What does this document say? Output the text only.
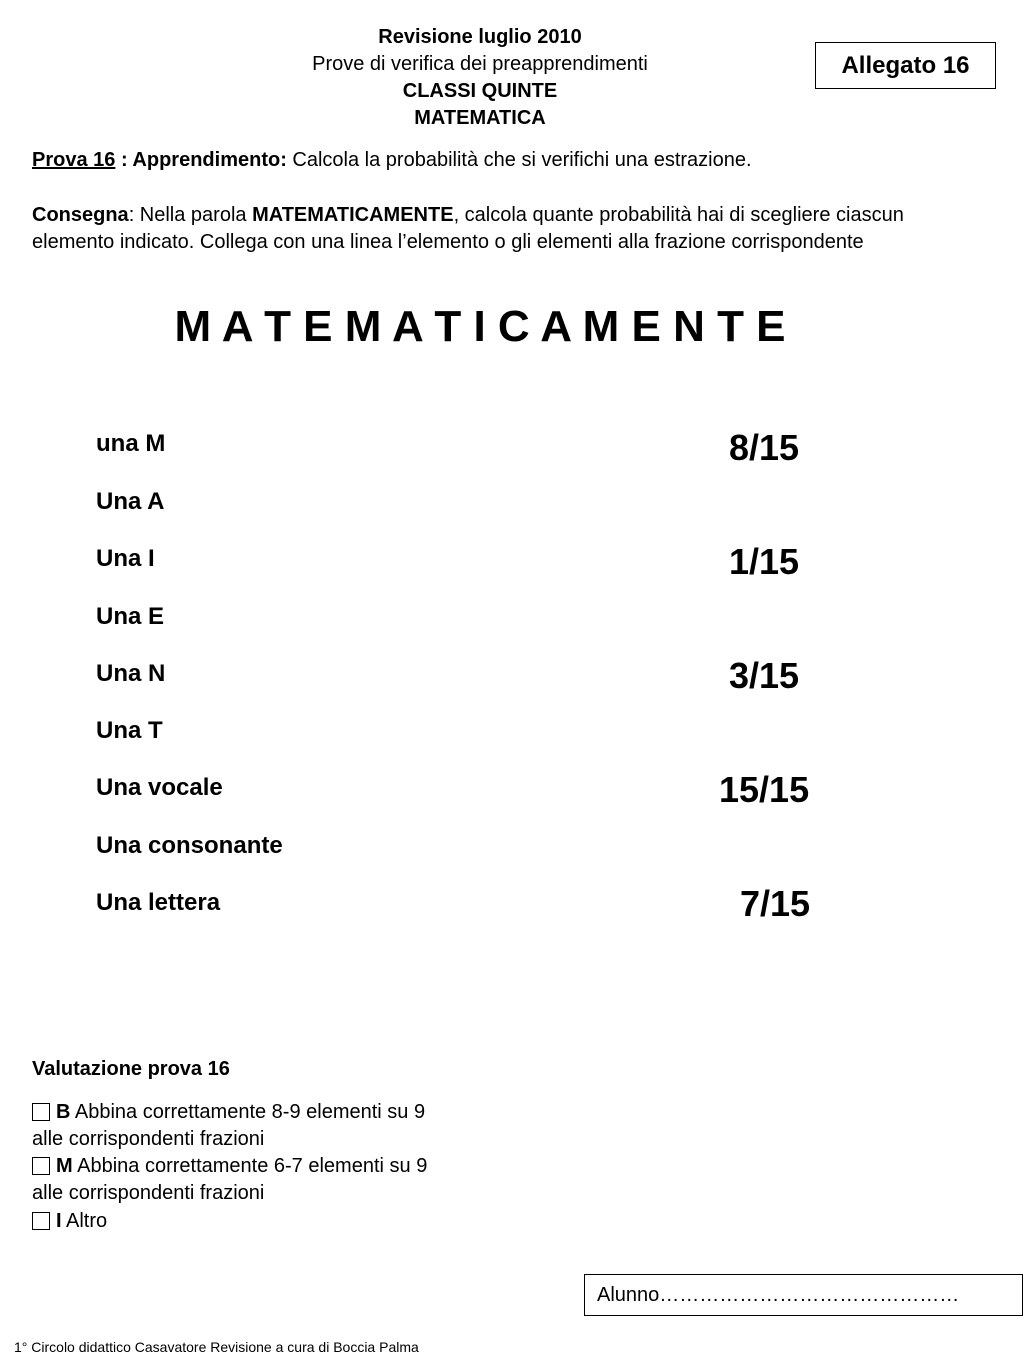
Revisione luglio 2010
Prove di verifica dei preapprendimenti
CLASSI QUINTE
MATEMATICA
Allegato 16
Prova 16 : Apprendimento: Calcola la probabilità che si verifichi una estrazione.
Consegna: Nella parola MATEMATICAMENTE, calcola quante probabilità hai di scegliere ciascun elemento indicato. Collega con una linea l’elemento o gli elementi alla frazione corrispondente
M A T E M A T I C A M E N T E
una M
Una A
Una I
Una E
Una N
Una T
Una vocale
Una consonante
Una lettera
8/15
1/15
3/15
15/15
7/15
Valutazione prova 16
B Abbina correttamente 8-9 elementi su 9
alle corrispondenti frazioni
M Abbina correttamente 6-7 elementi su 9
alle corrispondenti frazioni
I Altro
Alunno………………………………………
1° Circolo didattico Casavatore Revisione a cura di Boccia Palma
